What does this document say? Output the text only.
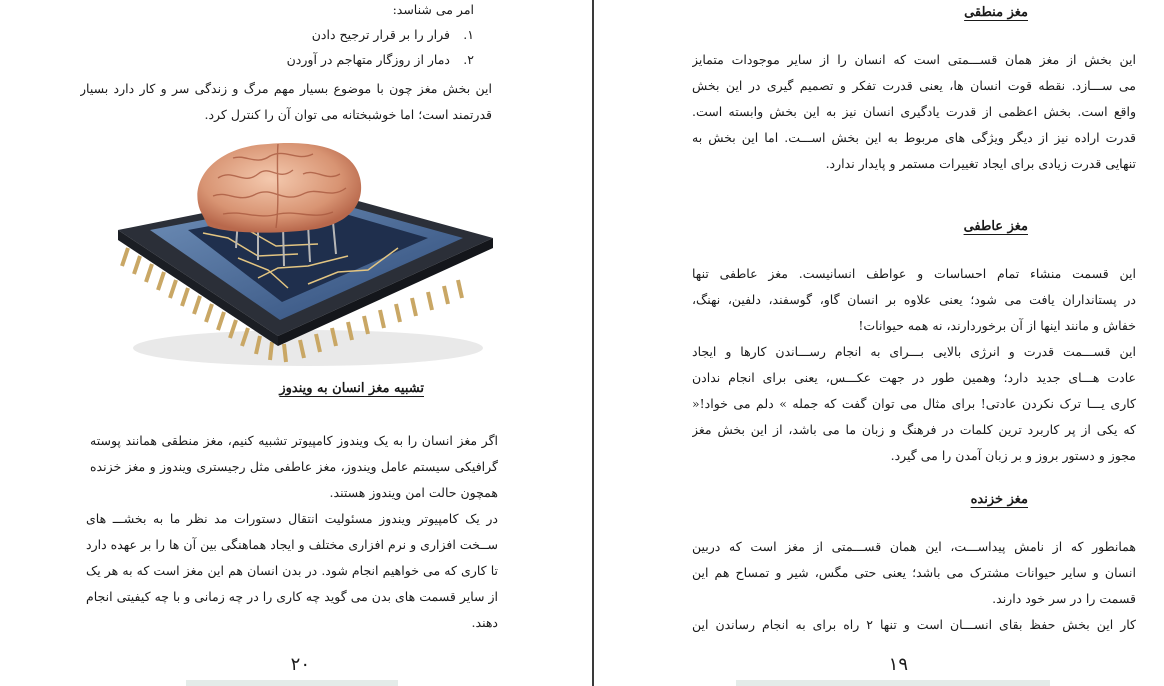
امر می شناسد:
۱.فرار را بر قرار ترجیح دادن
۲.دمار از روزگار متهاجم در آوردن
این بخش مغز چون با موضوع بسیار مهم مرگ و زندگی سر و کار دارد بسیار
قدرتمند است؛ اما خوشبختانه می توان آن را کنترل کرد.
تشبیه مغز انسان به ویندوز
اگر مغز انسان را به یک ویندوز کامپیوتر تشبیه کنیم، مغز منطقی همانند پوسته
گرافیکی سیستم عامل ویندوز، مغز عاطفی مثل رجیستری ویندوز و مغز خزنده
همچون حالت امن ویندوز هستند.
در یک کامپیوتر ویندوز مسئولیت انتقال دستورات مد نظر ما به بخشـــ های
ســخت افزاری و نرم افزاری مختلف و ایجاد هماهنگی بین آن ها را بر عهده دارد
تا کاری که می خواهیم انجام شود. در بدن انسان هم این مغز است که به هر یک
از سایر قسمت های بدن می گوید چه کاری را در چه زمانی و با چه کیفیتی انجام
دهند.
۲۰
مغز منطقی
این بخش از مغز همان قســـمتی است که انسان را از سایر موجودات متمایز
می ســـازد. نقطه قوت انسان ها، یعنی قدرت تفکر و تصمیم گیری در این بخش
واقع است. بخش اعظمی از قدرت یادگیری انسان نیز به این بخش وابسته است.
قدرت اراده نیز از دیگر ویژگی های مربوط به این بخش اســـت. اما این بخش به
تنهایی قدرت زیادی برای ایجاد تغییرات مستمر و پایدار ندارد.
مغز عاطفی
این قسمت منشاء تمام احساسات و عواطف انسانیست. مغز عاطفی تنها
در پستانداران یافت می شود؛ یعنی علاوه بر انسان گاو، گوسفند، دلفین، نهنگ،
خفاش و مانند اینها از آن برخوردارند، نه همه حیوانات!
این قســـمت قدرت و انرژی بالایی بـــرای به انجام رســـاندن کارها و ایجاد
عادت هـــای جدید دارد؛ وهمین طور در جهت عکـــس، یعنی برای انجام ندادن
کاری یـــا ترک نکردن عادتی! برای مثال می توان گفت که جمله » دلم می خواد!«
که یکی از پر کاربرد ترین کلمات در فرهنگ و زبان ما می باشد، از این بخش مغز
مجوز و دستور بروز و بر زبان آمدن را می گیرد.
مغز خزنده
همانطور که از نامش پیداســـت، این همان قســـمتی از مغز است که دربین
انسان و سایر حیوانات مشترک می باشد؛ یعنی حتی مگس، شیر و تمساح هم این
قسمت را در سر خود دارند.
کار این بخش حفظ بقای انســـان است و تنها ۲ راه برای به انجام رساندن این
۱۹
